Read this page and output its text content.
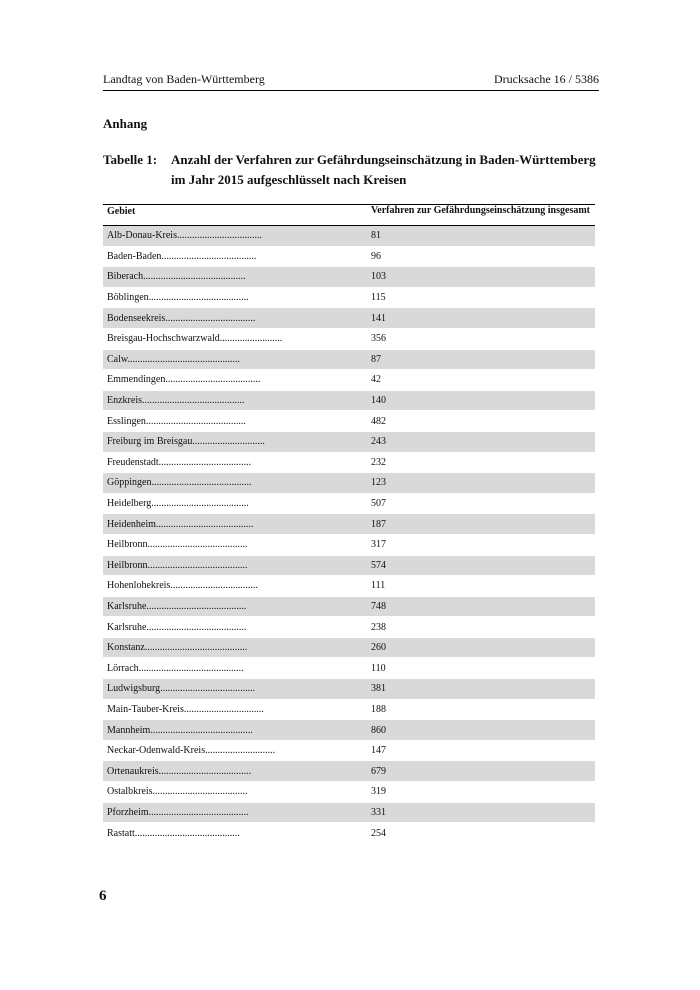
Landtag von Baden-Württemberg	Drucksache 16 / 5386
Anhang
Tabelle 1:	Anzahl der Verfahren zur Gefährdungseinschätzung in Baden-Württemberg im Jahr 2015 aufgeschlüsselt nach Kreisen
Gebiet	Verfahren zur Gefährdungseinschätzung insgesamt
Alb-Donau-Kreis..................................	81
Baden-Baden......................................	96
Biberach.........................................	103
Böblingen........................................	115
Bodenseekreis....................................	141
Breisgau-Hochschwarzwald.........................	356
Calw.............................................	87
Emmendingen......................................	42
Enzkreis.........................................	140
Esslingen........................................	482
Freiburg im Breisgau.............................	243
Freudenstadt.....................................	232
Göppingen........................................	123
Heidelberg.......................................	507
Heidenheim.......................................	187
Heilbronn........................................	317
Heilbronn........................................	574
Hohenlohekreis...................................	111
Karlsruhe........................................	748
Karlsruhe........................................	238
Konstanz.........................................	260
Lörrach..........................................	110
Ludwigsburg......................................	381
Main-Tauber-Kreis................................	188
Mannheim.........................................	860
Neckar-Odenwald-Kreis............................	147
Ortenaukreis.....................................	679
Ostalbkreis......................................	319
Pforzheim........................................	331
Rastatt..........................................	254
6
